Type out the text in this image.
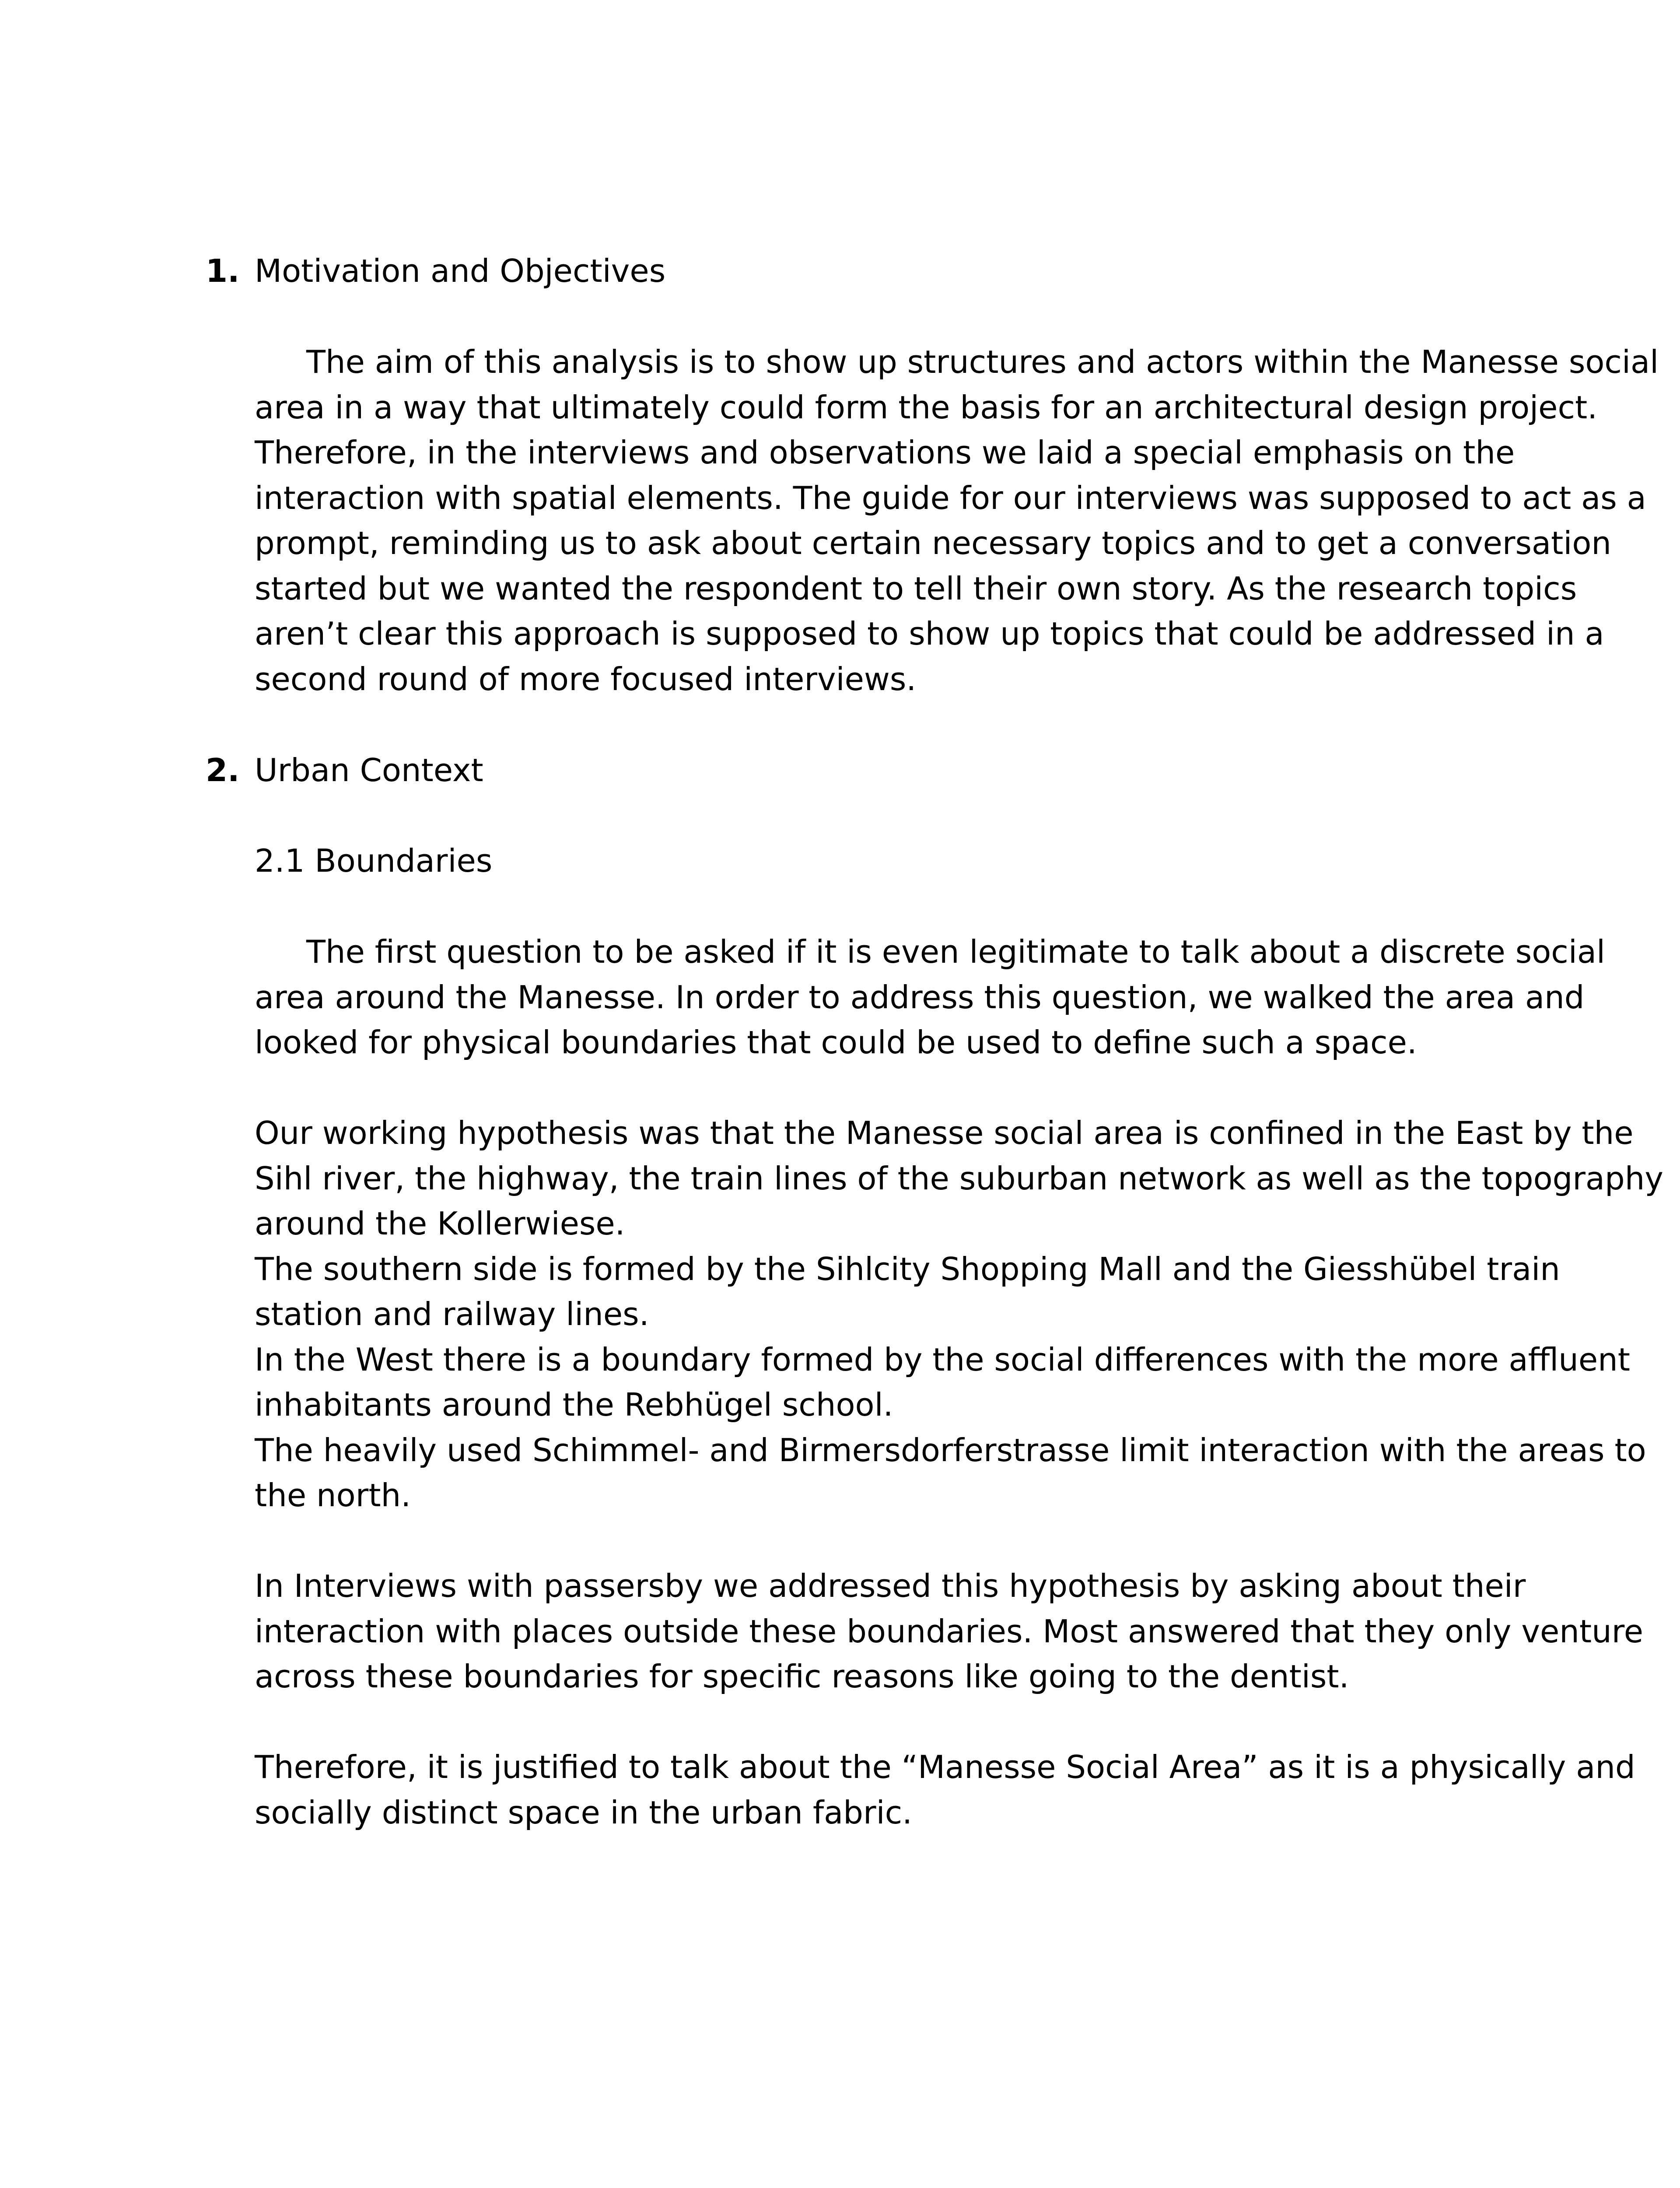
1. Motivation and Objectives

The aim of this analysis is to show up structures and actors within the Manesse social
area in a way that ultimately could form the basis for an architectural design project.
Therefore, in the interviews and observations we laid a special emphasis on the
interaction with spatial elements. The guide for our interviews was supposed to act as a
prompt, reminding us to ask about certain necessary topics and to get a conversation
started but we wanted the respondent to tell their own story. As the research topics
aren’t clear this approach is supposed to show up topics that could be addressed in a
second round of more focused interviews.

2. Urban Context
2.1 Boundaries

The first question to be asked if it is even legitimate to talk about a discrete social
area around the Manesse. In order to address this question, we walked the area and
looked for physical boundaries that could be used to define such a space.

Our working hypothesis was that the Manesse social area is confined in the East by the
Sihl river, the highway, the train lines of the suburban network as well as the topography
around the Kollerwiese.
The southern side is formed by the Sihlcity Shopping Mall and the Giesshübel train
station and railway lines.
In the West there is a boundary formed by the social differences with the more affluent
inhabitants around the Rebhügel school.
The heavily used Schimmel- and Birmersdorferstrasse limit interaction with the areas to
the north.

In Interviews with passersby we addressed this hypothesis by asking about their
interaction with places outside these boundaries. Most answered that they only venture
across these boundaries for specific reasons like going to the dentist.

Therefore, it is justified to talk about the “Manesse Social Area” as it is a physically and
socially distinct space in the urban fabric.
